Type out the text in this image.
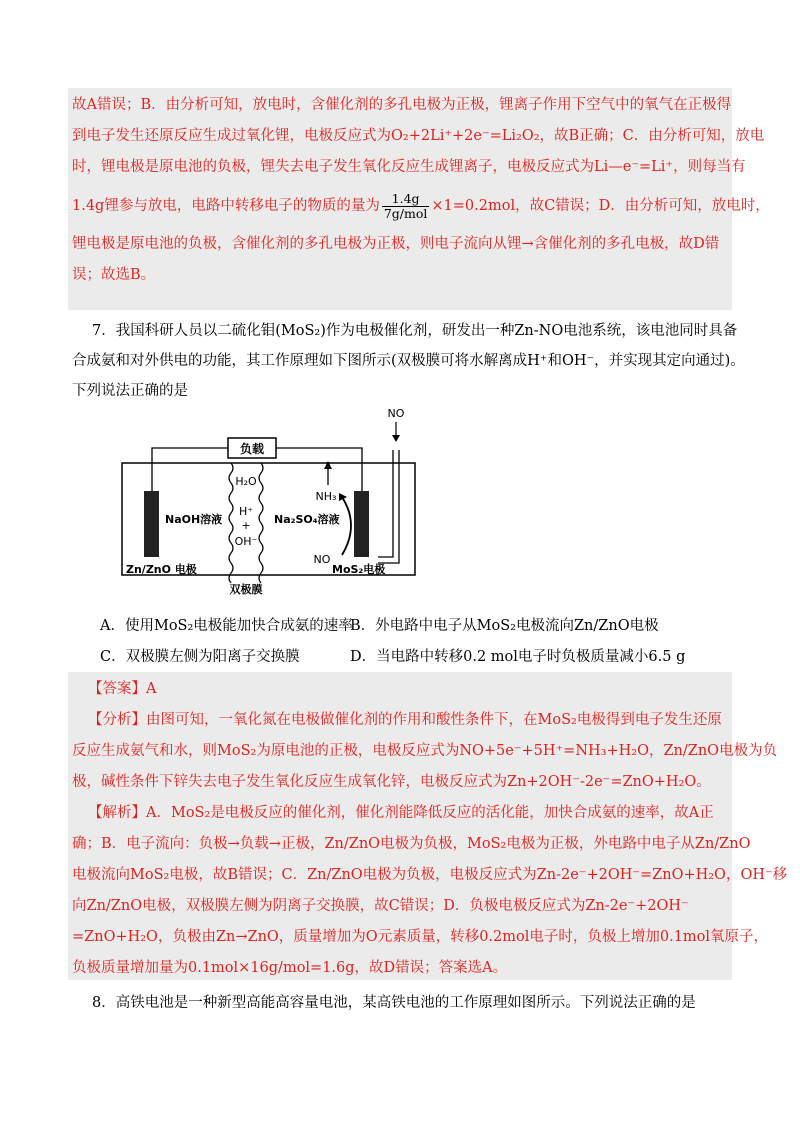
故A错误；B．由分析可知，放电时，含催化剂的多孔电极为正极，锂离子作用下空气中的氧气在正极得
到电子发生还原反应生成过氧化锂，电极反应式为O₂+2Li⁺+2e⁻=Li₂O₂，故B正确；C．由分析可知，放电
时，锂电极是原电池的负极，锂失去电子发生氧化反应生成锂离子，电极反应式为Li—e⁻=Li⁺，则每当有
1.4g锂参与放电，电路中转移电子的物质的量为 $\frac{1.4g}{\text{7g/mol}} \times 1=0.2mol$，故C错误；D．由分析可知，放电时，
锂电极是原电池的负极，含催化剂的多孔电极为正极，则电子流向从锂→含催化剂的多孔电极，故D错
误；故选B。
7．我国科研人员以二硫化钼(MoS₂)作为电极催化剂，研发出一种Zn-NO电池系统，该电池同时具备
合成氨和对外供电的功能，其工作原理如下图所示(双极膜可将水解离成H⁺和OH⁻，并实现其定向通过)。
下列说法正确的是
负载
NO
H₂O
H⁺
+
OH⁻
NaOH溶液	Na₂SO₄溶液
NH₃
NO
Zn/ZnO 电极	MoS₂电极
双极膜
A．使用MoS₂电极能加快合成氨的速率
B．外电路中电子从MoS₂电极流向Zn/ZnO电极
C．双极膜左侧为阳离子交换膜	D．当电路中转移0.2 mol电子时负极质量减小6.5 g
【答案】A
【分析】由图可知，一氧化氮在电极做催化剂的作用和酸性条件下，在MoS₂电极得到电子发生还原
反应生成氨气和水，则MoS₂为原电池的正极，电极反应式为NO+5e⁻+5H⁺=NH₃+H₂O，Zn/ZnO电极为负
极，碱性条件下锌失去电子发生氧化反应生成氧化锌，电极反应式为Zn+2OH⁻-2e⁻=ZnO+H₂O。
【解析】A．MoS₂是电极反应的催化剂，催化剂能降低反应的活化能，加快合成氨的速率，故A正
确；B．电子流向：负极→负载→正极，Zn/ZnO电极为负极，MoS₂电极为正极，外电路中电子从Zn/ZnO
电极流向MoS₂电极，故B错误；C．Zn/ZnO电极为负极，电极反应式为Zn-2e⁻+2OH⁻=ZnO+H₂O，OH⁻移
向Zn/ZnO电极，双极膜左侧为阴离子交换膜，故C错误；D．负极电极反应式为Zn-2e⁻+2OH⁻
=ZnO+H₂O，负极由Zn→ZnO，质量增加为O元素质量，转移0.2mol电子时，负极上增加0.1mol氧原子，
负极质量增加量为0.1mol×16g/mol=1.6g，故D错误；答案选A。
8．高铁电池是一种新型高能高容量电池，某高铁电池的工作原理如图所示。下列说法正确的是
